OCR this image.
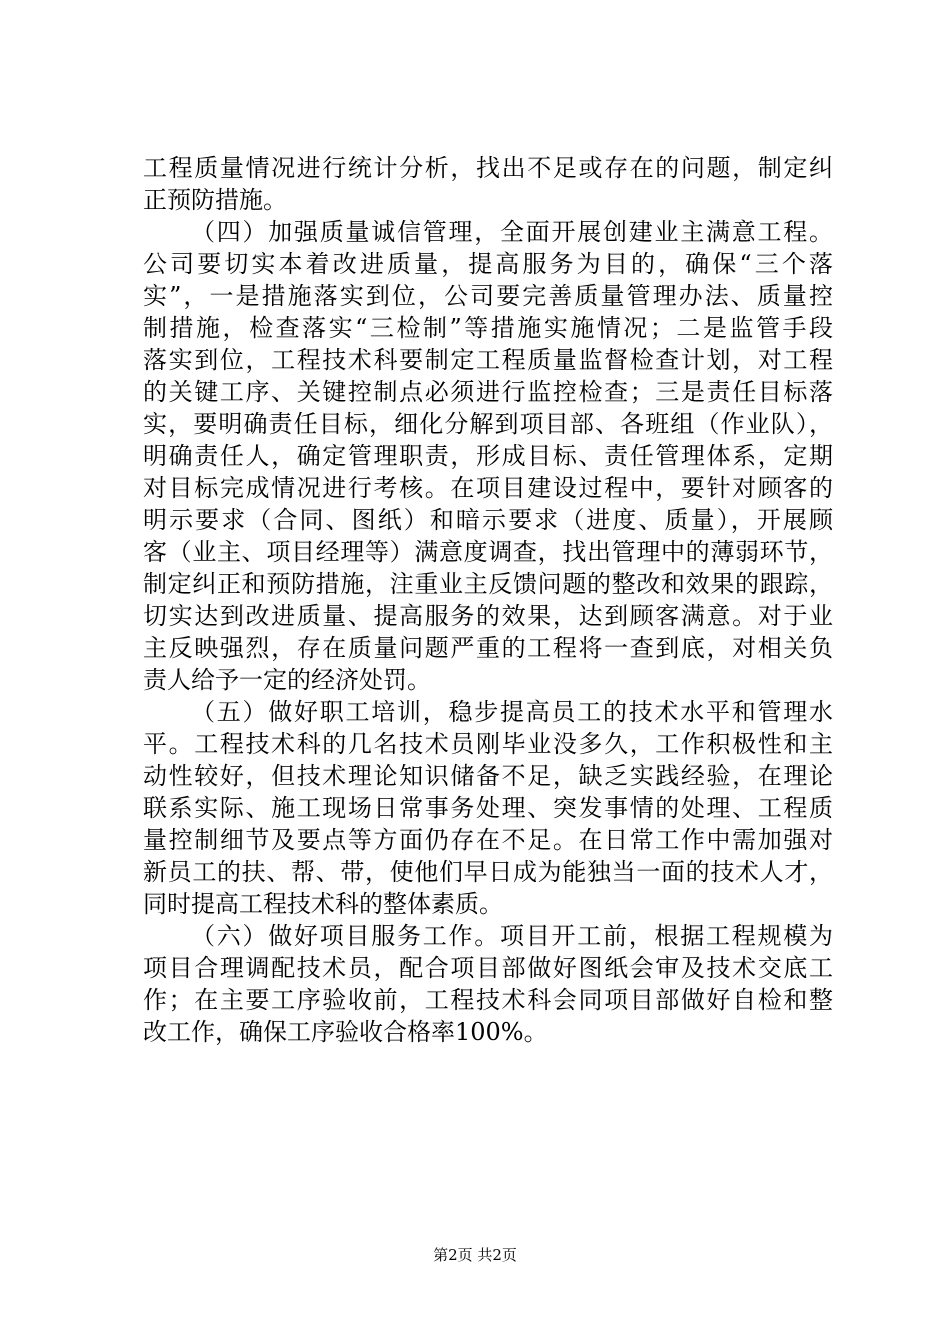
工程质量情况进行统计分析，找出不足或存在的问题，制定纠
正预防措施。
（四）加强质量诚信管理，全面开展创建业主满意工程。
公司要切实本着改进质量，提高服务为目的，确保“三个落
实”，一是措施落实到位，公司要完善质量管理办法、质量控
制措施，检查落实“三检制”等措施实施情况；二是监管手段
落实到位，工程技术科要制定工程质量监督检查计划，对工程
的关键工序、关键控制点必须进行监控检查；三是责任目标落
实，要明确责任目标，细化分解到项目部、各班组（作业队），
明确责任人，确定管理职责，形成目标、责任管理体系，定期
对目标完成情况进行考核。在项目建设过程中，要针对顾客的
明示要求（合同、图纸）和暗示要求（进度、质量），开展顾
客（业主、项目经理等）满意度调查，找出管理中的薄弱环节，
制定纠正和预防措施，注重业主反馈问题的整改和效果的跟踪，
切实达到改进质量、提高服务的效果，达到顾客满意。对于业
主反映强烈，存在质量问题严重的工程将一查到底，对相关负
责人给予一定的经济处罚。
（五）做好职工培训，稳步提高员工的技术水平和管理水
平。工程技术科的几名技术员刚毕业没多久，工作积极性和主
动性较好，但技术理论知识储备不足，缺乏实践经验，在理论
联系实际、施工现场日常事务处理、突发事情的处理、工程质
量控制细节及要点等方面仍存在不足。在日常工作中需加强对
新员工的扶、帮、带，使他们早日成为能独当一面的技术人才，
同时提高工程技术科的整体素质。
（六）做好项目服务工作。项目开工前，根据工程规模为
项目合理调配技术员，配合项目部做好图纸会审及技术交底工
作；在主要工序验收前，工程技术科会同项目部做好自检和整
改工作，确保工序验收合格率100%。
第2页 共2页
